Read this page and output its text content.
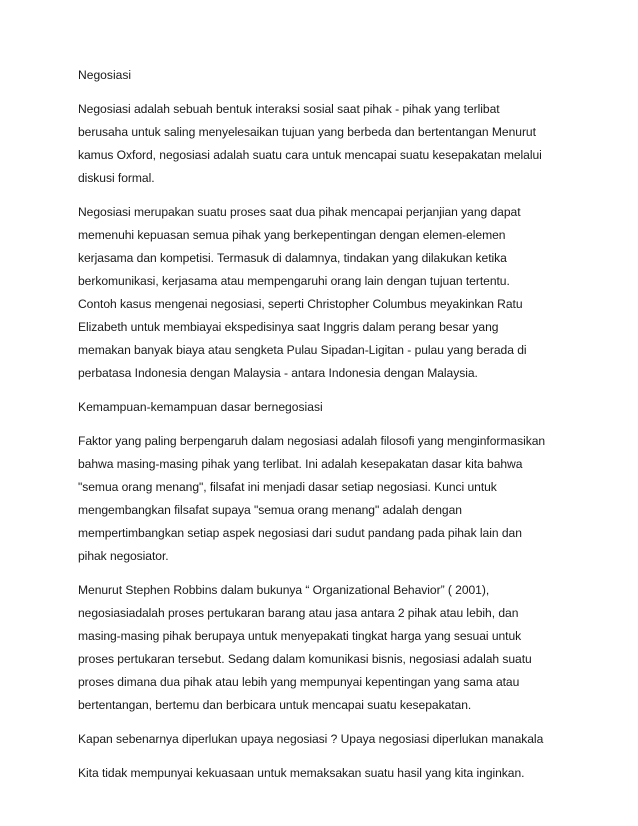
Negosiasi
Negosiasi adalah sebuah bentuk interaksi sosial saat pihak - pihak yang terlibat
berusaha untuk saling menyelesaikan tujuan yang berbeda dan bertentangan Menurut
kamus Oxford, negosiasi adalah suatu cara untuk mencapai suatu kesepakatan melalui
diskusi formal.
Negosiasi merupakan suatu proses saat dua pihak mencapai perjanjian yang dapat
memenuhi kepuasan semua pihak yang berkepentingan dengan elemen-elemen
kerjasama dan kompetisi. Termasuk di dalamnya, tindakan yang dilakukan ketika
berkomunikasi, kerjasama atau mempengaruhi orang lain dengan tujuan tertentu.
Contoh kasus mengenai negosiasi, seperti Christopher Columbus meyakinkan Ratu
Elizabeth untuk membiayai ekspedisinya saat Inggris dalam perang besar yang
memakan banyak biaya atau sengketa Pulau Sipadan-Ligitan - pulau yang berada di
perbatasa Indonesia dengan Malaysia - antara Indonesia dengan Malaysia.
Kemampuan-kemampuan dasar bernegosiasi
Faktor yang paling berpengaruh dalam negosiasi adalah filosofi yang menginformasikan
bahwa masing-masing pihak yang terlibat. Ini adalah kesepakatan dasar kita bahwa
"semua orang menang", filsafat ini menjadi dasar setiap negosiasi. Kunci untuk
mengembangkan filsafat supaya "semua orang menang" adalah dengan
mempertimbangkan setiap aspek negosiasi dari sudut pandang pada pihak lain dan
pihak negosiator.
Menurut Stephen Robbins dalam bukunya “ Organizational Behavior” ( 2001),
negosiasiadalah proses pertukaran barang atau jasa antara 2 pihak atau lebih, dan
masing-masing pihak berupaya untuk menyepakati tingkat harga yang sesuai untuk
proses pertukaran tersebut. Sedang dalam komunikasi bisnis, negosiasi adalah suatu
proses dimana dua pihak atau lebih yang mempunyai kepentingan yang sama atau
bertentangan, bertemu dan berbicara untuk mencapai suatu kesepakatan.
Kapan sebenarnya diperlukan upaya negosiasi ? Upaya negosiasi diperlukan manakala
Kita tidak mempunyai kekuasaan untuk memaksakan suatu hasil yang kita inginkan.
